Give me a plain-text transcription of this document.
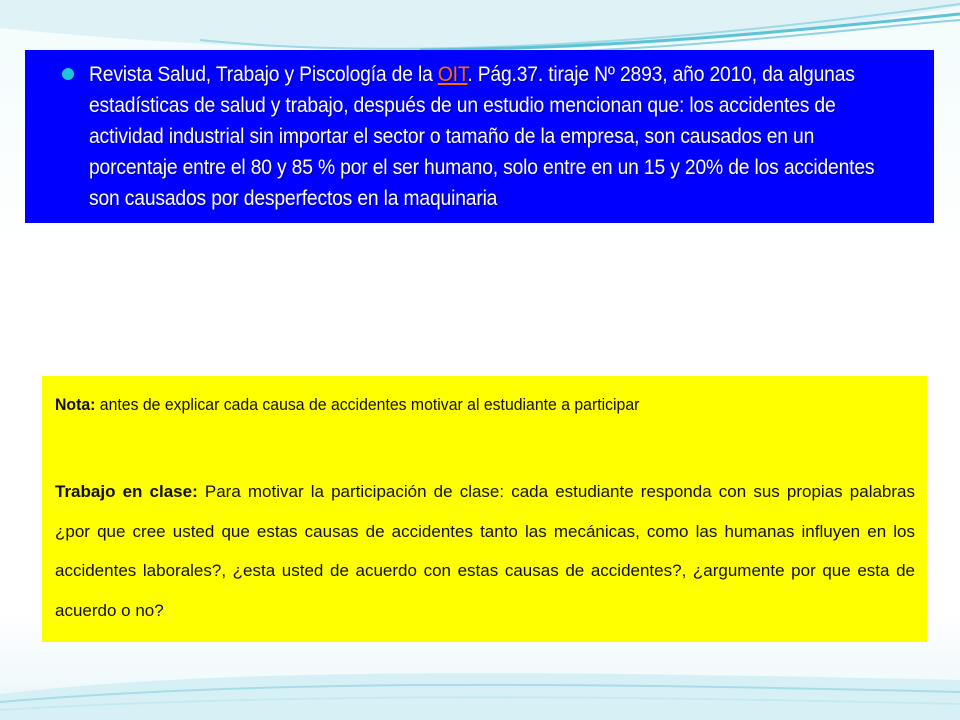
Revista Salud, Trabajo y Piscología de la OIT. Pág.37. tiraje Nº 2893, año 2010, da algunas estadísticas de salud y trabajo, después de un estudio mencionan que: los accidentes de actividad industrial sin importar el sector o tamaño de la empresa, son causados en un porcentaje entre el 80 y 85 % por el ser humano, solo entre en un 15 y 20% de los accidentes son causados por desperfectos en la maquinaria
Nota: antes de explicar cada causa de accidentes motivar al estudiante a participar
Trabajo en clase: Para motivar la participación de clase: cada estudiante responda con sus propias palabras ¿por que cree usted que estas causas de accidentes tanto las mecánicas, como las humanas influyen en los accidentes laborales?, ¿esta usted de acuerdo con estas causas de accidentes?, ¿argumente por que esta de acuerdo o no?
